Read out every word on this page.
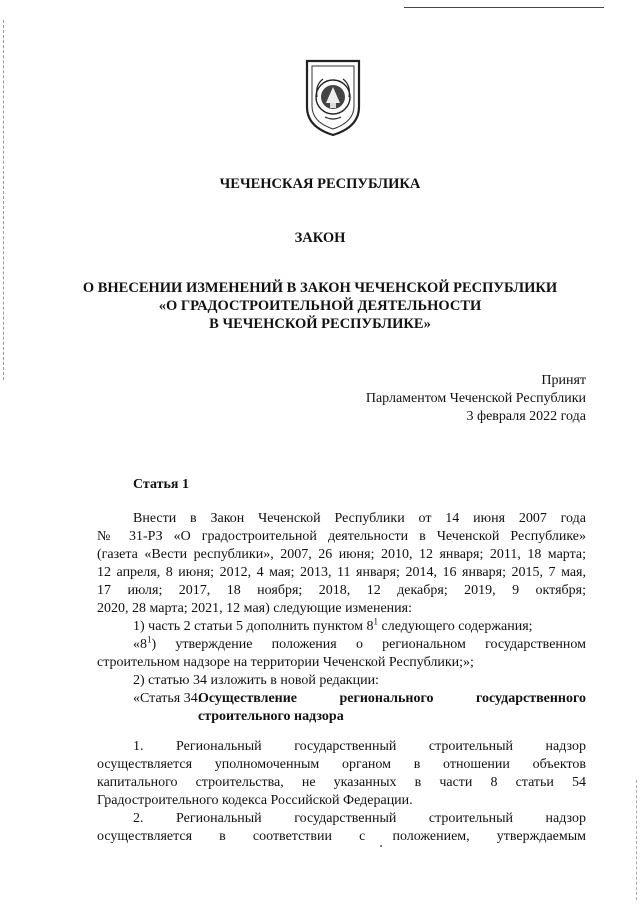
ЧЕЧЕНСКАЯ РЕСПУБЛИКА
ЗАКОН
О ВНЕСЕНИИ ИЗМЕНЕНИЙ В ЗАКОН ЧЕЧЕНСКОЙ РЕСПУБЛИКИ
«О ГРАДОСТРОИТЕЛЬНОЙ ДЕЯТЕЛЬНОСТИ
В ЧЕЧЕНСКОЙ РЕСПУБЛИКЕ»
Принят
Парламентом Чеченской Республики
3 февраля 2022 года
Статья 1
Внести в Закон Чеченской Республики от 14 июня 2007 года
№ 31-РЗ «О градостроительной деятельности в Чеченской Республике»
(газета «Вести республики», 2007, 26 июня; 2010, 12 января; 2011, 18 марта;
12 апреля, 8 июня; 2012, 4 мая; 2013, 11 января; 2014, 16 января; 2015, 7 мая,
17 июля; 2017, 18 ноября; 2018, 12 декабря; 2019, 9 октября;
2020, 28 марта; 2021, 12 мая) следующие изменения:
1) часть 2 статьи 5 дополнить пунктом $8^1$ следующего содержания;
«$8^1$) утверждение положения о региональном государственном
строительном надзоре на территории Чеченской Республики;»;
2) статью 34 изложить в новой редакции:
«Статья 34.
Осуществление регионального государственного строительного надзора
1. Региональный государственный строительный надзор
осуществляется уполномоченным органом в отношении объектов
капитального строительства, не указанных в части 8 статьи 54
Градостроительного кодекса Российской Федерации.
2. Региональный государственный строительный надзор
осуществляется в соответствии с положением, утверждаемым
